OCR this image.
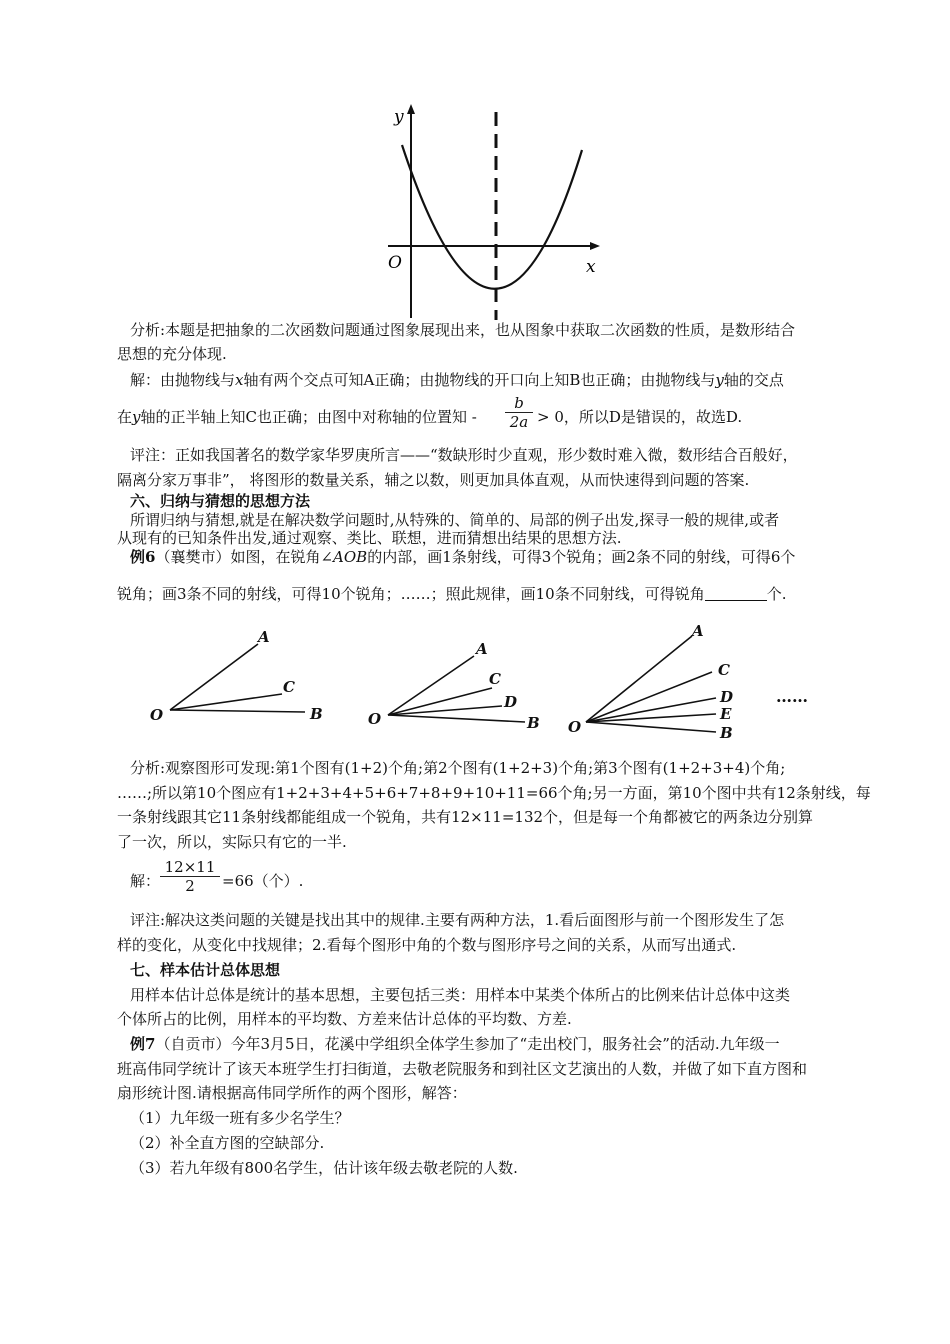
y
O	x
分析:本题是把抽象的二次函数问题通过图象展现出来，也从图象中获取二次函数的性质，是数形结合
思想的充分体现.
解：由抛物线与x轴有两个交点可知A正确；由抛物线的开口向上知B也正确；由抛物线与y轴的交点
在y轴的正半轴上知C也正确；由图中对称轴的位置知 -
b
2a > 0，所以D是错误的，故选D.
评注：正如我国著名的数学家华罗庚所言——“数缺形时少直观，形少数时难入微，数形结合百般好，
隔离分家万事非”， 将图形的数量关系，辅之以数，则更加具体直观，从而快速得到问题的答案.
六、归纳与猜想的思想方法
所谓归纳与猜想,就是在解决数学问题时,从特殊的、简单的、局部的例子出发,探寻一般的规律,或者
从现有的已知条件出发,通过观察、类比、联想，进而猜想出结果的思想方法.
例6（襄樊市）如图，在锐角∠AOB的内部，画1条射线，可得3个锐角；画2条不同的射线，可得6个
锐角；画3条不同的射线，可得10个锐角；……；照此规律，画10条不同射线，可得锐角	个.
O
A
C
B	O
A
C
D
B O
A
C
D
E
B
……
分析:观察图形可发现:第1个图有(1+2)个角;第2个图有(1+2+3)个角;第3个图有(1+2+3+4)个角;
……;所以第10个图应有1+2+3+4+5+6+7+8+9+10+11=66个角;另一方面，第10个图中共有12条射线，每
一条射线跟其它11条射线都能组成一个锐角，共有12×11=132个，但是每一个角都被它的两条边分别算
了一次，所以，实际只有它的一半.
解：
12×11
2	=66（个）.
评注:解决这类问题的关键是找出其中的规律.主要有两种方法，1.看后面图形与前一个图形发生了怎
样的变化，从变化中找规律；2.看每个图形中角的个数与图形序号之间的关系，从而写出通式.
七、样本估计总体思想
用样本估计总体是统计的基本思想，主要包括三类：用样本中某类个体所占的比例来估计总体中这类
个体所占的比例，用样本的平均数、方差来估计总体的平均数、方差.
例7（自贡市）今年3月5日，花溪中学组织全体学生参加了“走出校门，服务社会”的活动.九年级一
班高伟同学统计了该天本班学生打扫街道，去敬老院服务和到社区文艺演出的人数，并做了如下直方图和
扇形统计图.请根据高伟同学所作的两个图形，解答：
（1）九年级一班有多少名学生？
（2）补全直方图的空缺部分.
（3）若九年级有800名学生，估计该年级去敬老院的人数.
